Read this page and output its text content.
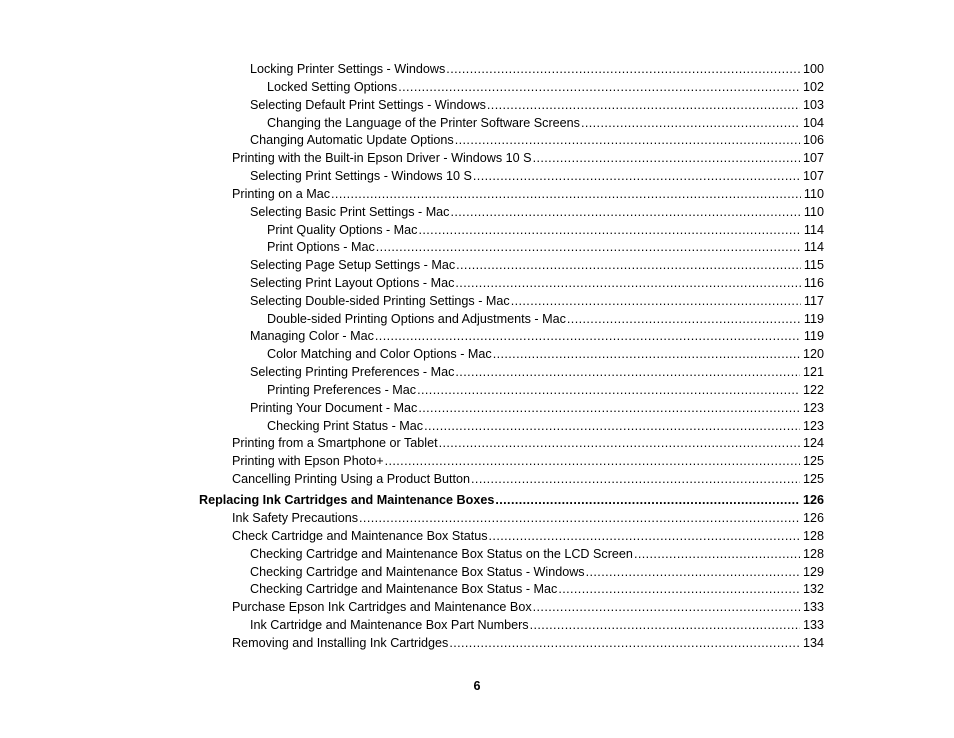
Locking Printer Settings - Windows .....	100
Locked Setting Options .....	102
Selecting Default Print Settings - Windows .....	103
Changing the Language of the Printer Software Screens .....	104
Changing Automatic Update Options .....	106
Printing with the Built-in Epson Driver - Windows 10 S .....	107
Selecting Print Settings - Windows 10 S .....	107
Printing on a Mac .....	110
Selecting Basic Print Settings - Mac .....	110
Print Quality Options - Mac .....	114
Print Options - Mac .....	114
Selecting Page Setup Settings - Mac .....	115
Selecting Print Layout Options - Mac .....	116
Selecting Double-sided Printing Settings - Mac .....	117
Double-sided Printing Options and Adjustments - Mac .....	119
Managing Color - Mac .....	119
Color Matching and Color Options - Mac .....	120
Selecting Printing Preferences - Mac .....	121
Printing Preferences - Mac .....	122
Printing Your Document - Mac .....	123
Checking Print Status - Mac .....	123
Printing from a Smartphone or Tablet .....	124
Printing with Epson Photo+ .....	125
Cancelling Printing Using a Product Button .....	125
Replacing Ink Cartridges and Maintenance Boxes .....	126
Ink Safety Precautions .....	126
Check Cartridge and Maintenance Box Status .....	128
Checking Cartridge and Maintenance Box Status on the LCD Screen .....	128
Checking Cartridge and Maintenance Box Status - Windows .....	129
Checking Cartridge and Maintenance Box Status - Mac .....	132
Purchase Epson Ink Cartridges and Maintenance Box .....	133
Ink Cartridge and Maintenance Box Part Numbers .....	133
Removing and Installing Ink Cartridges .....	134
6
